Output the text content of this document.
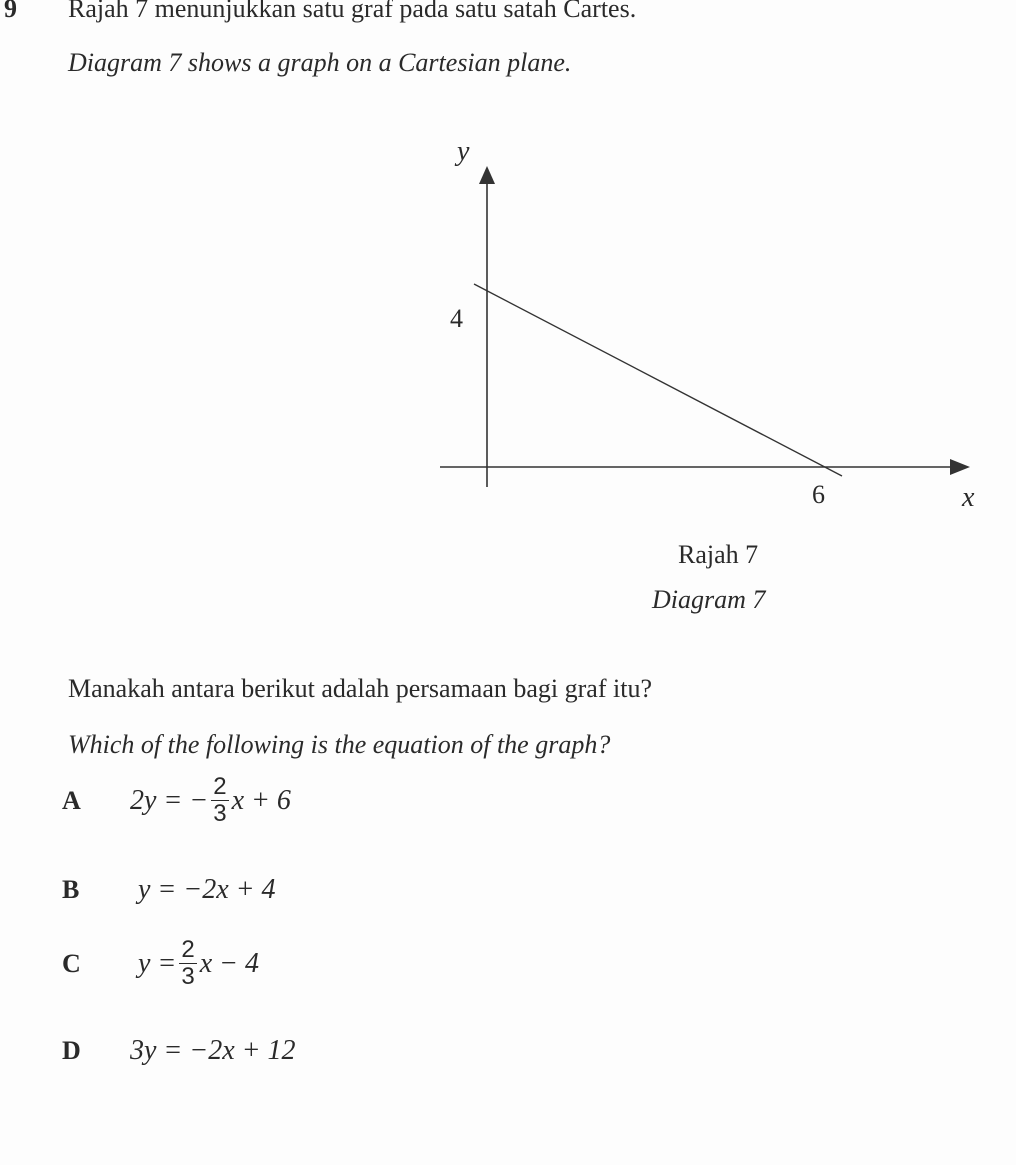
9 Rajah 7 menunjukkan satu graf pada satu satah Cartes.
Diagram 7 shows a graph on a Cartesian plane.
y
4
6	x
Rajah 7
Diagram 7
Manakah antara berikut adalah persamaan bagi graf itu?
Which of the following is the equation of the graph?
A 2y = − $\frac{2}{3}$ x + 6
B y = −2x + 4
C $y = \frac{2}{3}$ x − 4
D 3y = −2x + 12
